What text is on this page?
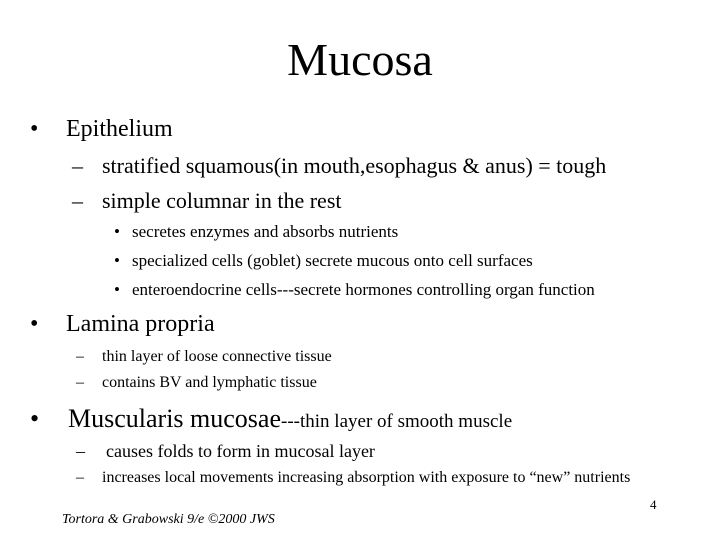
Mucosa
• Epithelium
– stratified squamous(in mouth,esophagus & anus) = tough
– simple columnar in the rest
• secretes enzymes and absorbs nutrients
• specialized cells (goblet) secrete mucous onto cell surfaces
• enteroendocrine cells---secrete hormones controlling organ function
• Lamina propria
– thin layer of loose connective tissue
– contains BV and lymphatic tissue
• Muscularis mucosae---thin layer of smooth muscle
– causes folds to form in mucosal layer
– increases local movements increasing absorption with exposure to “new” nutrients
4
Tortora & Grabowski 9/e ©2000 JWS
